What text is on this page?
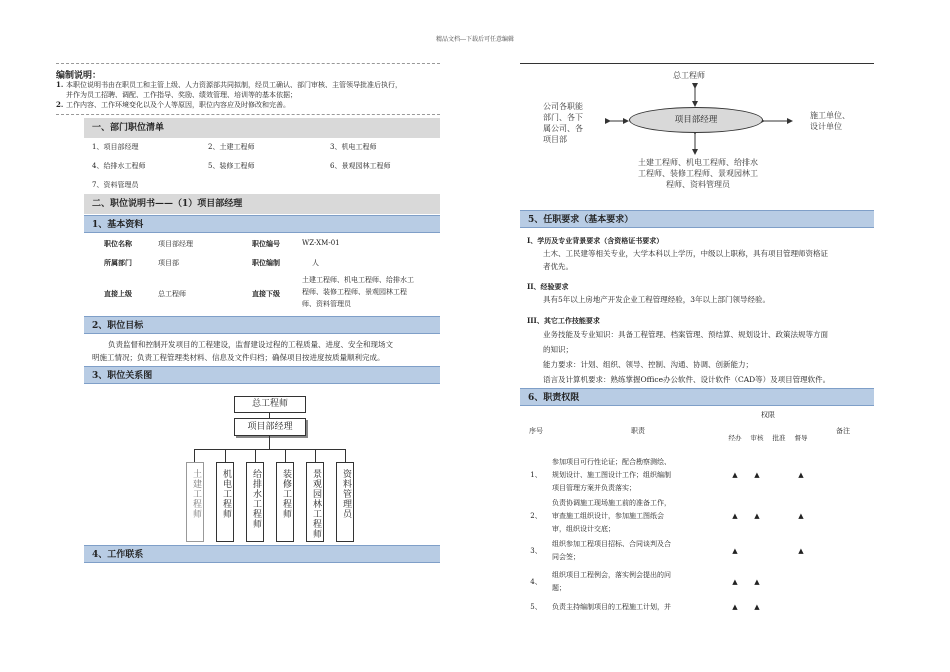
精品文档---下载后可任意编辑
编制说明：
1. 本职位说明书由在职员工和主管上级、人力资源部共同拟制，经员工确认、部门审核、主管领导批准后执行，
并作为员工招聘、调配、工作指导、奖励、绩效管理、培训等的基本依据；
2. 工作内容、工作环境变化以及个人等原因，职位内容应及时修改和完善。
一、部门职位清单
1、项目部经理	2、土建工程师	3、机电工程师
4、给排水工程师	5、装修工程师	6、景观园林工程师
7、资料管理员
二、职位说明书——（1）项目部经理
1、基本资料
职位名称	项目部经理	职位编号	WZ-XM-01
所属部门	项目部	职位编制	人
直接上级	总工程师	直接下级
土建工程师、机电工程师、给排水工
程师、装修工程师、景观园林工程
师、资料管理员
2、职位目标
负责监督和控制开发项目的工程建设，监督建设过程的工程质量、进度、安全和现场文
明施工情况；负责工程管理类材料、信息及文件归档；确保项目按进度按质量顺利完成。
3、职位关系图
总工程师
项目部经理
土建工程师	机电工程师	给排水工程师	装修工程师	景观园林工程师	资料管理员
4、工作联系
总工程师
项目部经理
公司各职能
部门、各下
属公司、各
项目部
施工单位、
设计单位
土建工程师、机电工程师、给排水
工程师、装修工程师、景观园林工
程师、资料管理员
5、任职要求（基本要求）
I、学历及专业背景要求（含资格证书要求）
土木、工民建等相关专业，大学本科以上学历，中级以上职称，具有项目管理师资格证
者优先。
II、经验要求
具有5年以上房地产开发企业工程管理经验，3年以上部门领导经验。
III、其它工作技能要求
业务技能及专业知识：具备工程管理、档案管理、预结算、规划设计、政策法规等方面
的知识；
能力要求：计划、组织、领导、控制、沟通、协调、创新能力；
语言及计算机要求：熟练掌握Office办公软件、设计软件（CAD等）及项目管理软件。
6、职责权限
序号	职责	权限				备注
		经办	审核	批准	督导	
1、	参加项目可行性论证；配合勘察测绘、
规划设计、施工图设计工作；组织编制
项目管理方案并负责落实；	▲	▲		▲	
2、	负责协调施工现场施工前的准备工作，
审查施工组织设计，参加施工图纸会
审，组织设计交底；	▲	▲		▲	
3、	组织参加工程项目招标、合同谈判及合
同会签；	▲			▲	
4、	组织项目工程例会，落实例会提出的问
题；	▲	▲			
5、	负责主持编制项目的工程施工计划，并	▲	▲			
